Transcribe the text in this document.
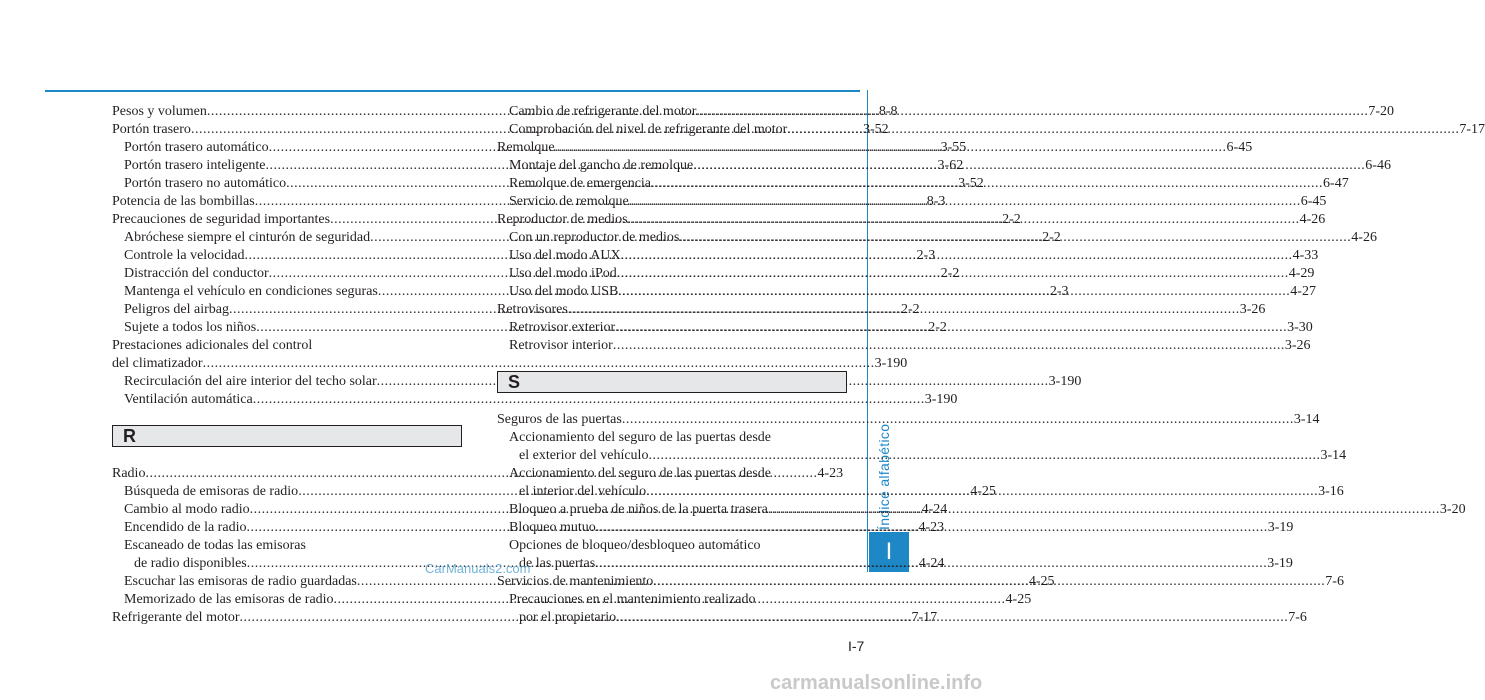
Índice alfabético
I
Pesos y volumen .....	8-8
Portón trasero .....	3-52
Portón trasero automático .....	3-55
Portón trasero inteligente .....	3-62
Portón trasero no automático .....	3-52
Potencia de las bombillas .....	8-3
Precauciones de seguridad importantes .....	2-2
Abróchese siempre el cinturón de seguridad .....	2-2
Controle la velocidad .....	2-3
Distracción del conductor .....	2-2
Mantenga el vehículo en condiciones seguras .....	2-3
Peligros del airbag .....	2-2
Sujete a todos los niños .....	2-2
Prestaciones adicionales del control
del climatizador .....	3-190
Recirculación del aire interior del techo solar .....	3-190
Ventilación automática .....	3-190
R
Radio .....	4-23
Búsqueda de emisoras de radio .....	4-25
Cambio al modo radio .....	4-24
Encendido de la radio .....	4-23
Escaneado de todas las emisoras
de radio disponibles .....	4-24
Escuchar las emisoras de radio guardadas .....	4-25
Memorizado de las emisoras de radio .....	4-25
Refrigerante del motor .....	7-17
Cambio de refrigerante del motor .....	7-20
Comprobación del nivel de refrigerante del motor .....	7-17
Remolque .....	6-45
Montaje del gancho de remolque .....	6-46
Remolque de emergencia .....	6-47
Servicio de remolque .....	6-45
Reproductor de medios .....	4-26
Con un reproductor de medios .....	4-26
Uso del modo AUX .....	4-33
Uso del modo iPod .....	4-29
Uso del modo USB .....	4-27
Retrovisores .....	3-26
Retrovisor exterior .....	3-30
Retrovisor interior .....	3-26
S
Seguros de las puertas .....	3-14
Accionamiento del seguro de las puertas desde
el exterior del vehículo .....	3-14
Accionamiento del seguro de las puertas desde
el interior del vehículo .....	3-16
Bloqueo a prueba de niños de la puerta trasera .....	3-20
Bloqueo mutuo .....	3-19
Opciones de bloqueo/desbloqueo automático
de las puertas .....	3-19
Servicios de mantenimiento .....	7-6
Precauciones en el mantenimiento realizado
por el propietario .....	7-6
I-7
CarManuals2.com
carmanualsonline.info
